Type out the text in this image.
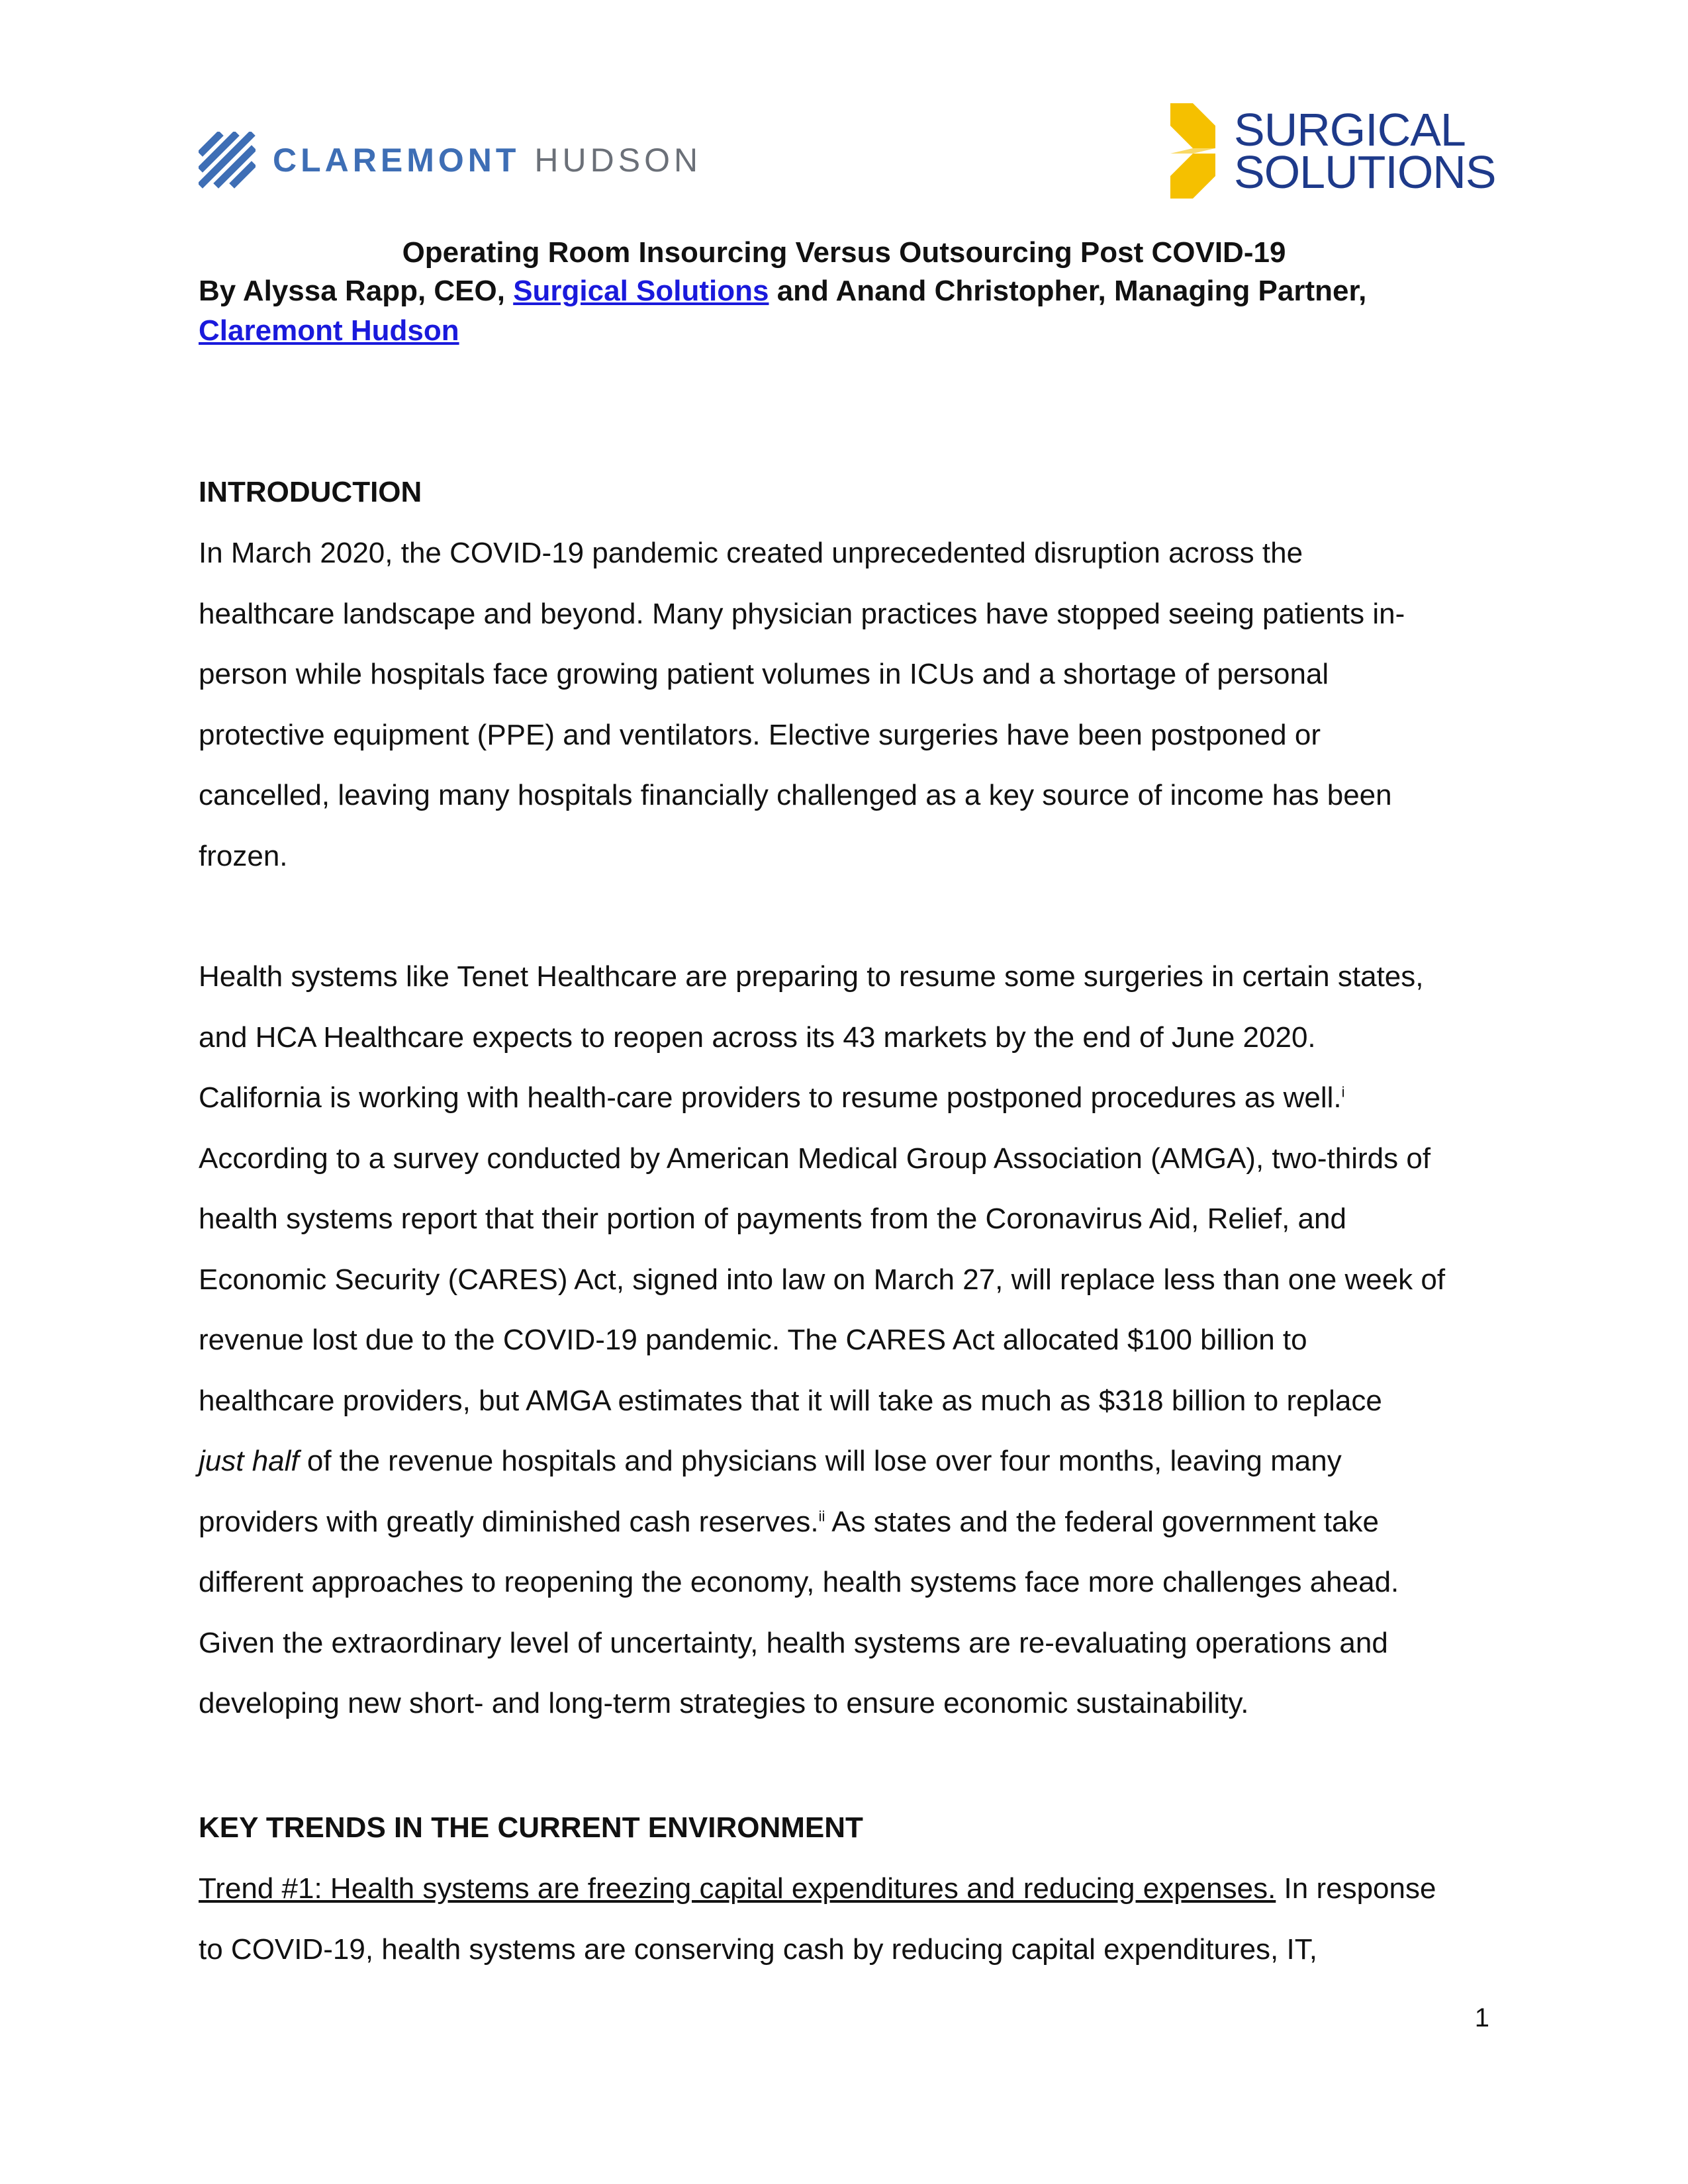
CLAREMONT HUDSON
SURGICAL
SOLUTIONS
Operating Room Insourcing Versus Outsourcing Post COVID-19
By Alyssa Rapp, CEO, Surgical Solutions and Anand Christopher, Managing Partner, Claremont Hudson
INTRODUCTION
In March 2020, the COVID-19 pandemic created unprecedented disruption across the
healthcare landscape and beyond. Many physician practices have stopped seeing patients in-
person while hospitals face growing patient volumes in ICUs and a shortage of personal
protective equipment (PPE) and ventilators. Elective surgeries have been postponed or
cancelled, leaving many hospitals financially challenged as a key source of income has been
frozen.
Health systems like Tenet Healthcare are preparing to resume some surgeries in certain states,
and HCA Healthcare expects to reopen across its 43 markets by the end of June 2020.
California is working with health-care providers to resume postponed procedures as well.$^i$
According to a survey conducted by American Medical Group Association (AMGA), two-thirds of
health systems report that their portion of payments from the Coronavirus Aid, Relief, and
Economic Security (CARES) Act, signed into law on March 27, will replace less than one week of
revenue lost due to the COVID-19 pandemic. The CARES Act allocated $100 billion to
healthcare providers, but AMGA estimates that it will take as much as $318 billion to replace
just half of the revenue hospitals and physicians will lose over four months, leaving many
providers with greatly diminished cash reserves.$^{ii}$ As states and the federal government take
different approaches to reopening the economy, health systems face more challenges ahead.
Given the extraordinary level of uncertainty, health systems are re-evaluating operations and
developing new short- and long-term strategies to ensure economic sustainability.
KEY TRENDS IN THE CURRENT ENVIRONMENT
Trend #1: Health systems are freezing capital expenditures and reducing expenses. In response
to COVID-19, health systems are conserving cash by reducing capital expenditures, IT,
1
